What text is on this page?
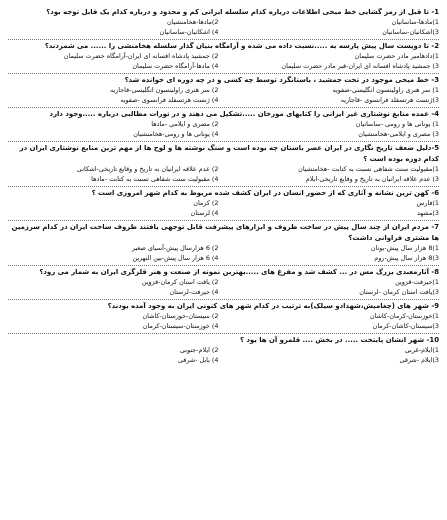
1- تا قبل از رمز گشایی خط میخی اطلاعات درباره کدام سلسله ایرانی کم و محدود و درباره کدام یک قابل توجه بود؟

1)مادها-ساسانیان
2)مادها-هخامنشیان
3)اشکانیان-ساسانیان
4) اشکانیان-ساسانیان

2- تا دویست سال پیش پارسه به .....نسبت داده می شده و آرامگاه بنیان گذار سلسله هخامنشی را ...... می شمردند؟

1)دادهامیر مادر حضرت سلیمان
2) جمشید پادشاه افسانه ای ایران-آرامگاه حضرت سلیمان
3) جمشید پادشاه افسانه ای ایران-قبر مادر حضرت سلیمان
4) مادها-آرامگاه حضرت سلیمان

3- خط میخی موجود در تخت جمشید ، باستانگرد توسط چه کسی و در چه دوره ای خوانده شد؟

1) سر هنری راولینسون انگلیسی-صفویه
2) سر هنری راولینسون انگلیسی-قاجاریه
3)ژنست هرتسفلد فرانسوی -قاجاریه
4) ژنست هرتسفلد فرانسوی -صفویه

4- عمده منابع نوشتاری غیر ایرانی را کتابهای مورخان .....تشکیل می دهند و در تورات مطالبی درباره .....وجود دارد

1) یونانی ها و رومی -ساسانیان
2) مصری و ایلامی -مادها
3) مصری و ایلامی-هخامنشیان
4) یونانی ها و رومی-هخامنشیان

5-دلیل ضعف تاریخ نگاری در ایران عصر باستان چه بوده است و سنگ نوشته ها و لوح ها از مهم ترین منابع نوشتاری ایران در کدام دوره بوده است ؟

1)مقبولیت سنت شفاهی نسبت به کتابت -هخامنشیان
2) عدم علاقه ایرانیان به تاریخ و وقایع تاریخی-اشکانی
3) عدم علاقه ایرانیان به تاریخ و وقایع تاریخی-ایلام
4) مقبولیت سنت شفاهی نسبت به کتابت -مادها

6- کهن ترین نشانه و آثاری که از حضور انسان در ایران کشف شده مربوط به کدام شهر امروزی است ؟

1)فارس
2) کرمان
3)مشهد
4) لرستان

7- مردم ایران از چند سال پیش در ساخت ظروف و ابزارهای پیشرفت قابل توجهی یافتند ظروف ساخت ایران در کدام سرزمین ها مشتری فراوانی داشت؟

1)8 هزار سال پیش-یونان
2) 6 هزارسال پیش-آسیای صغیر
3)8 هزار سال پیش-روم
4) 6 هزار سال پیش-بین النهرین

8- آثارمعبدی بزرگ مس در ... کشف شد و مفرغ های .....بهترین نمونه از صنعت و هنر قلزگری ایران به شمار می رود؟

1)جیرفت-قزوین
2) یافت استان کرمان-قزوین
3)یافت استان کرمان -لرستان
4) جیرفت-لرستان

9- شهر های (چغامیش،شهدادو سیلک)به ترتیب در کدام شهر های کنونی ایران به وجود آمده بودند؟

1)خوزستان-کرمان-کاشان
2) سیستان-خوزستان-کاشان
3)سیستان-کاشان-کرمان
4) خوزستان-سیستان-کرمان

10- شهر انشان پایتخت ..... در بخش .... قلمرو آن ها بود ؟

1)ایلام-غربی
2) ایلام-جنوبی
3)ایلام -شرقی
4) بابل -شرقی
